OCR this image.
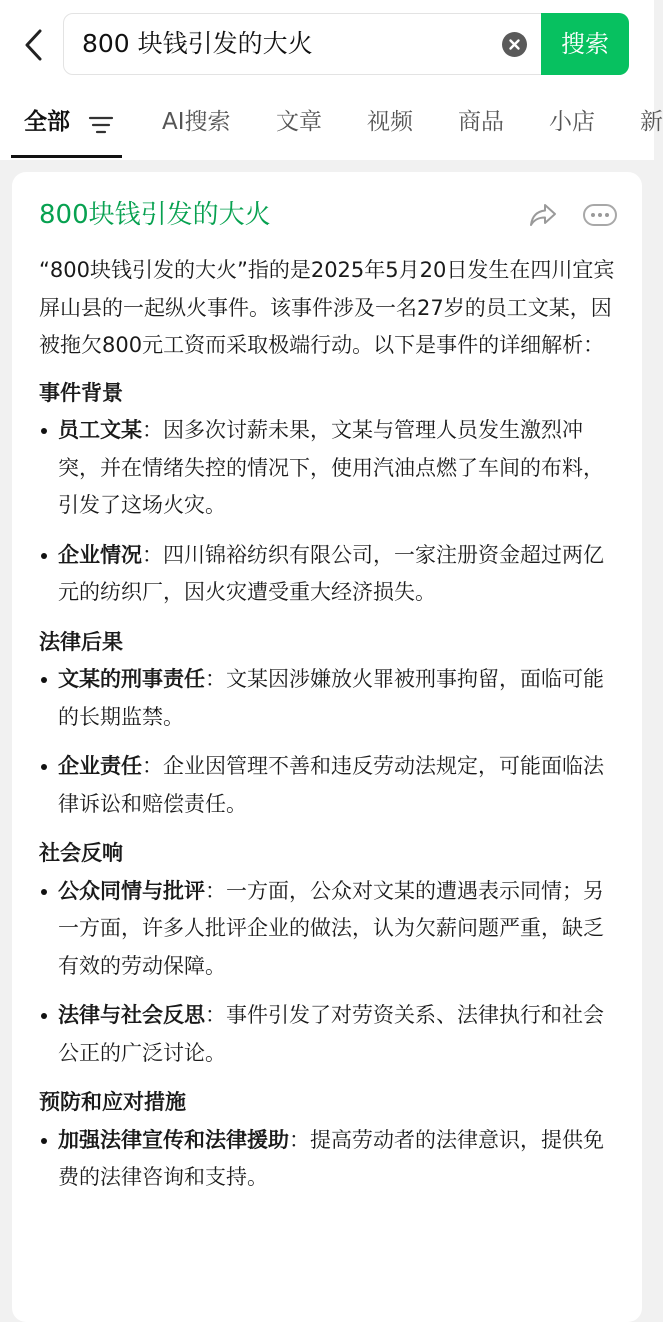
800 块钱引发的大火	搜索
全部	AI搜索 文章 视频 商品 小店 新
800块钱引发的大火

“800块钱引发的大火”指的是2025年5月20日发生在四川宜宾屏山县的一起纵火事件。该事件涉及一名27岁的员工文某，因被拖欠800元工资而采取极端行动。以下是事件的详细解析：

事件背景

员工文某：因多次讨薪未果，文某与管理人员发生激烈冲突，并在情绪失控的情况下，使用汽油点燃了车间的布料，引发了这场火灾。
企业情况：四川锦裕纺织有限公司，一家注册资金超过两亿元的纺织厂，因火灾遭受重大经济损失。

法律后果

文某的刑事责任：文某因涉嫌放火罪被刑事拘留，面临可能的长期监禁。
企业责任：企业因管理不善和违反劳动法规定，可能面临法律诉讼和赔偿责任。

社会反响

公众同情与批评：一方面，公众对文某的遭遇表示同情；另一方面，许多人批评企业的做法，认为欠薪问题严重，缺乏有效的劳动保障。
法律与社会反思：事件引发了对劳资关系、法律执行和社会公正的广泛讨论。

预防和应对措施

加强法律宣传和法律援助：提高劳动者的法律意识，提供免费的法律咨询和支持。
